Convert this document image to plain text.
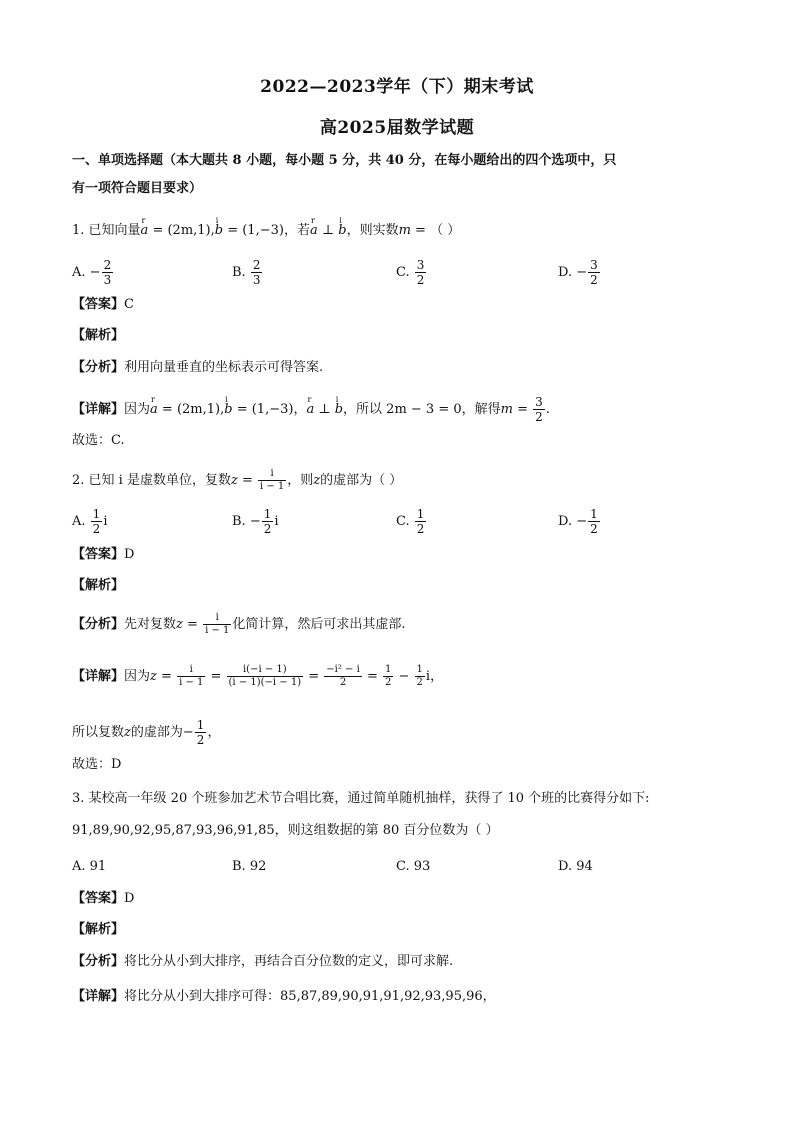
2022—2023学年（下）期末考试
高2025届数学试题
一、单项选择题（本大题共 8 小题，每小题 5 分，共 40 分，在每小题给出的四个选项中，只
有一项符合题目要求）
1. 已知向量
r
a = (2m,1),
i
b = (1,−3)，若
r
a ⊥
i
b，则实数m = （ ）
A. − $\frac{2}{3}$	B. $\frac{2}{3}$	C. $\frac{3}{2}$	D. − $\frac{3}{2}$
【答案】C
【解析】
【分析】利用向量垂直的坐标表示可得答案.
【详解】因为
r
a = (2m,1),
i
b = (1,−3)，
r
a ⊥
i
b，所以 2m − 3 = 0，解得$m = \frac{3}{2}$ .
故选：C.
2. 已知 i 是虚数单位，复数$z = \frac{i}{i - 1}$ ，则z的虚部为（ ）
A. $\frac{1}{2}$ i	B. − $\frac{1}{2}$ i	C. $\frac{1}{2}$	D. − $\frac{1}{2}$
【答案】D
【解析】
【分析】先对复数$z = \frac{i}{i - 1}$ 化简计算，然后可求出其虚部.
【详解】因为$z = \frac{i}{i - 1} = \frac{i(-i - 1)}{(i - 1)(-i - 1)} = \frac{\text{−i² − i}}{2} = \frac{1}{2} - \frac{1}{2}$ i，
所以复数z的虚部为− $\frac{1}{2}$ ，
故选：D
3. 某校高一年级 20 个班参加艺术节合唱比赛，通过简单随机抽样，获得了 10 个班的比赛得分如下:
91,89,90,92,95,87,93,96,91,85，则这组数据的第 80 百分位数为（ ）
A. 91	B. 92	C. 93	D. 94
【答案】D
【解析】
【分析】将比分从小到大排序，再结合百分位数的定义，即可求解.
【详解】将比分从小到大排序可得：85,87,89,90,91,91,92,93,95,96，
